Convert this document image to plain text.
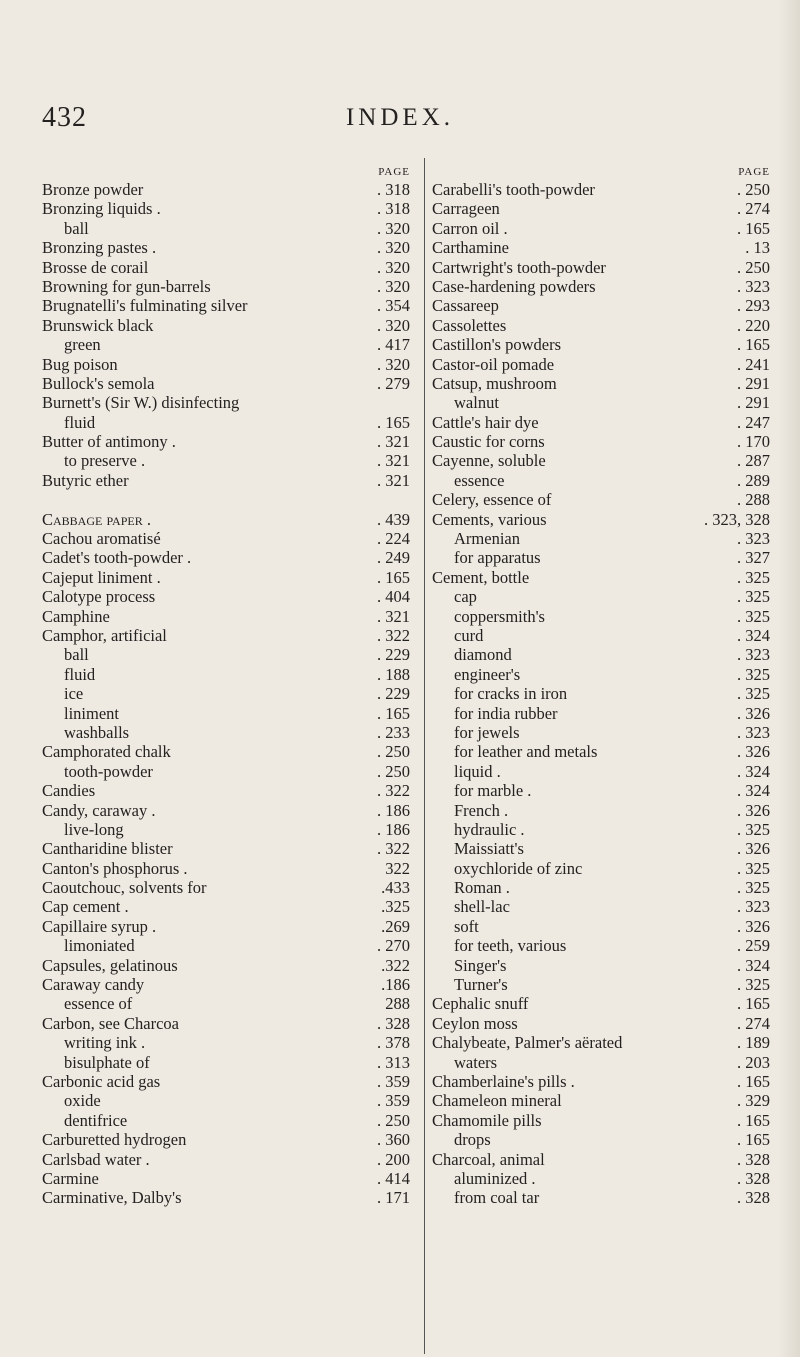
432	INDEX.
PAGE
Bronze powder	. 318
Bronzing liquids .	. 318
ball	. 320
Bronzing pastes .	. 320
Brosse de corail	. 320
Browning for gun-barrels	. 320
Brugnatelli's fulminating silver	. 354
Brunswick black	. 320
green	. 417
Bug poison	. 320
Bullock's semola	. 279
Burnett's (Sir W.) disinfecting
fluid	. 165
Butter of antimony .	. 321
to preserve .	. 321
Butyric ether	. 321
Cabbage paper .	. 439
Cachou aromatisé	. 224
Cadet's tooth-powder .	. 249
Cajeput liniment .	. 165
Calotype process	. 404
Camphine	. 321
Camphor, artificial	. 322
ball	. 229
fluid	. 188
ice	. 229
liniment	. 165
washballs	. 233
Camphorated chalk	. 250
tooth-powder	. 250
Candies	. 322
Candy, caraway .	. 186
live-long	. 186
Cantharidine blister	. 322
Canton's phosphorus .	322
Caoutchouc, solvents for	.433
Cap cement .	.325
Capillaire syrup .	.269
limoniated	. 270
Capsules, gelatinous	.322
Caraway candy	.186
essence of	288
Carbon, see Charcoa	. 328
writing ink .	. 378
bisulphate of	. 313
Carbonic acid gas	. 359
oxide	. 359
dentifrice	. 250
Carburetted hydrogen	. 360
Carlsbad water .	. 200
Carmine	. 414
Carminative, Dalby's	. 171
PAGE
Carabelli's tooth-powder	. 250
Carrageen	. 274
Carron oil .	. 165
Carthamine	. 13
Cartwright's tooth-powder	. 250
Case-hardening powders	. 323
Cassareep	. 293
Cassolettes	. 220
Castillon's powders	. 165
Castor-oil pomade	. 241
Catsup, mushroom	. 291
walnut	. 291
Cattle's hair dye	. 247
Caustic for corns	. 170
Cayenne, soluble	. 287
essence	. 289
Celery, essence of	. 288
Cements, various	. 323, 328
Armenian	. 323
for apparatus	. 327
Cement, bottle	. 325
cap	. 325
coppersmith's	. 325
curd	. 324
diamond	. 323
engineer's	. 325
for cracks in iron	. 325
for india rubber	. 326
for jewels	. 323
for leather and metals	. 326
liquid .	. 324
for marble .	. 324
French .	. 326
hydraulic .	. 325
Maissiatt's	. 326
oxychloride of zinc	. 325
Roman .	. 325
shell-lac	. 323
soft	. 326
for teeth, various	. 259
Singer's	. 324
Turner's	. 325
Cephalic snuff	. 165
Ceylon moss	. 274
Chalybeate, Palmer's aërated	. 189
waters	. 203
Chamberlaine's pills .	. 165
Chameleon mineral	. 329
Chamomile pills	. 165
drops	. 165
Charcoal, animal	. 328
aluminized .	. 328
from coal tar	. 328
